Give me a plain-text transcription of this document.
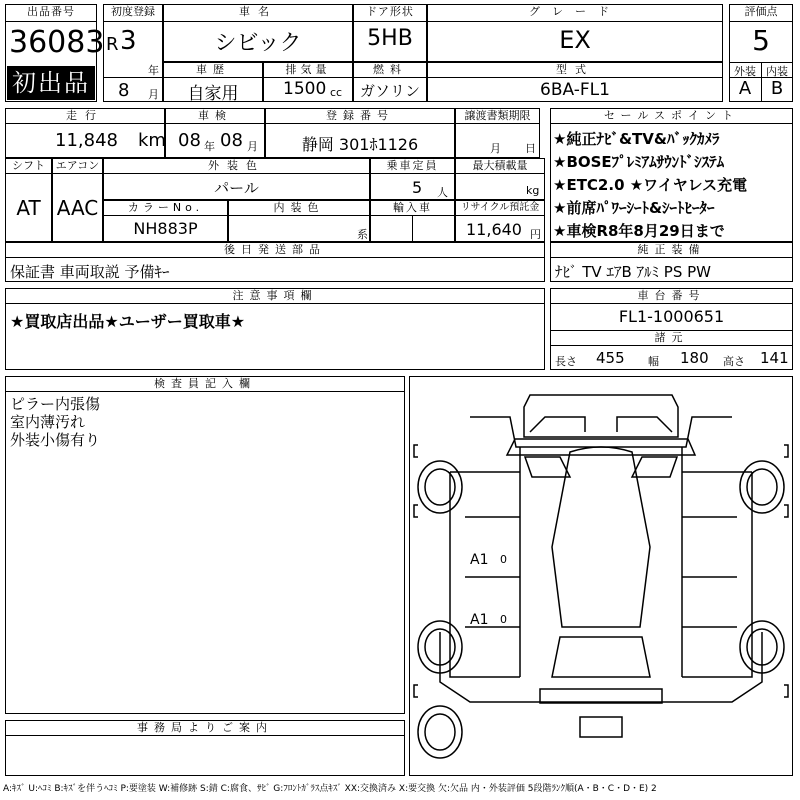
出品番号
36083
初出品
初度登録
R 3
年
8 月
車名
シビック
ドア形状
5HB
グレード
EX
評価点
5
外装 内装
A	B
車歴
自家用
排気量
1500 cc
燃料
ガソリン
型式
6BA-FL1
走行
11,848 km
車検
08 年 08 月
登録番号
静岡 301ﾎ1126
譲渡書類期限
月 日
シフト
AT
エアコン
AAC
外装色
パール
乗車定員
5 人
最大積載量
kg
カラーNo.
NH883P
内装色
系
輸入車	リサイクル預託金
11,640 円
セールスポイント
★純正ﾅﾋﾞ&TV&ﾊﾞｯｸｶﾒﾗ
★BOSEﾌﾟﾚﾐｱﾑｻｳﾝﾄﾞｼｽﾃﾑ
★ETC2.0 ★ワイヤレス充電
★前席ﾊﾟﾜｰｼｰﾄ&ｼｰﾄﾋｰﾀｰ
★車検R8年8月29日まで
後日発送部品
保証書 車両取説 予備ｷｰ
純正装備
ﾅﾋﾞ TV ｴｱB ｱﾙﾐ PS PW
注意事項欄
★買取店出品★ユーザー買取車★
車台番号
FL1-1000651
諸元
長さ 455 幅 180 高さ 141
検査員記入欄
ピラー内張傷
室内薄汚れ
外装小傷有り
事務局よりご案内
A1
A1
0
0
A:ｷｽﾞ U:ﾍｺﾐ B:ｷｽﾞを伴うﾍｺﾐ P:要塗装 W:補修跡 S:錆 C:腐食、ｻﾋﾞ G:ﾌﾛﾝﾄｶﾞﾗｽ点ｷｽﾞ XX:交換済み X:要交換 欠:欠品 内・外装評価 5段階ﾗﾝｸ順(A・B・C・D・E) 2
